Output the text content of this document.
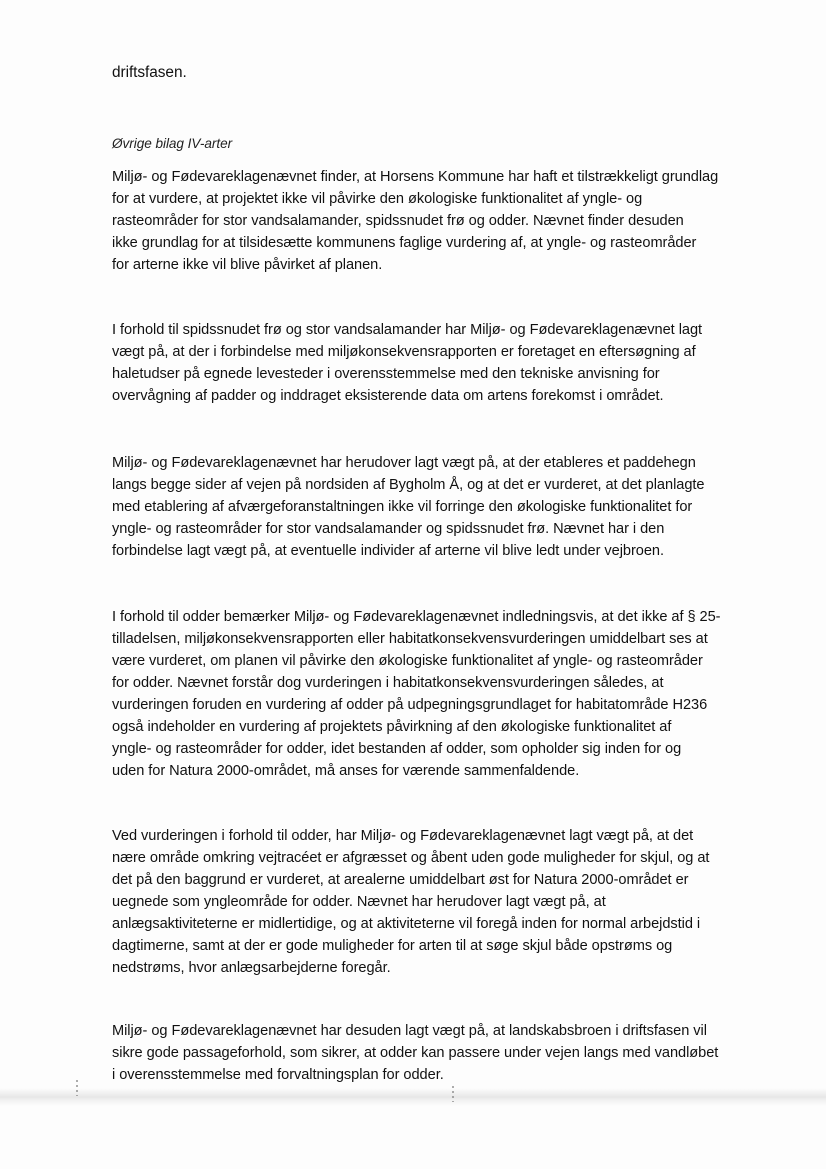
driftsfasen.
Øvrige bilag IV-arter
Miljø- og Fødevareklagenævnet finder, at Horsens Kommune har haft et tilstrækkeligt grundlag
for at vurdere, at projektet ikke vil påvirke den økologiske funktionalitet af yngle- og
rasteområder for stor vandsalamander, spidssnudet frø og odder. Nævnet finder desuden
ikke grundlag for at tilsidesætte kommunens faglige vurdering af, at yngle- og rasteområder
for arterne ikke vil blive påvirket af planen.
I forhold til spidssnudet frø og stor vandsalamander har Miljø- og Fødevareklagenævnet lagt
vægt på, at der i forbindelse med miljøkonsekvensrapporten er foretaget en eftersøgning af
haletudser på egnede levesteder i overensstemmelse med den tekniske anvisning for
overvågning af padder og inddraget eksisterende data om artens forekomst i området.
Miljø- og Fødevareklagenævnet har herudover lagt vægt på, at der etableres et paddehegn
langs begge sider af vejen på nordsiden af Bygholm Å, og at det er vurderet, at det planlagte
med etablering af afværgeforanstaltningen ikke vil forringe den økologiske funktionalitet for
yngle- og rasteområder for stor vandsalamander og spidssnudet frø. Nævnet har i den
forbindelse lagt vægt på, at eventuelle individer af arterne vil blive ledt under vejbroen.
I forhold til odder bemærker Miljø- og Fødevareklagenævnet indledningsvis, at det ikke af § 25-
tilladelsen, miljøkonsekvensrapporten eller habitatkonsekvensvurderingen umiddelbart ses at
være vurderet, om planen vil påvirke den økologiske funktionalitet af yngle- og rasteområder
for odder. Nævnet forstår dog vurderingen i habitatkonsekvensvurderingen således, at
vurderingen foruden en vurdering af odder på udpegningsgrundlaget for habitatområde H236
også indeholder en vurdering af projektets påvirkning af den økologiske funktionalitet af
yngle- og rasteområder for odder, idet bestanden af odder, som opholder sig inden for og
uden for Natura 2000-området, må anses for værende sammenfaldende.
Ved vurderingen i forhold til odder, har Miljø- og Fødevareklagenævnet lagt vægt på, at det
nære område omkring vejtracéet er afgræsset og åbent uden gode muligheder for skjul, og at
det på den baggrund er vurderet, at arealerne umiddelbart øst for Natura 2000-området er
uegnede som yngleområde for odder. Nævnet har herudover lagt vægt på, at
anlægsaktiviteterne er midlertidige, og at aktiviteterne vil foregå inden for normal arbejdstid i
dagtimerne, samt at der er gode muligheder for arten til at søge skjul både opstrøms og
nedstrøms, hvor anlægsarbejderne foregår.
Miljø- og Fødevareklagenævnet har desuden lagt vægt på, at landskabsbroen i driftsfasen vil
sikre gode passageforhold, som sikrer, at odder kan passere under vejen langs med vandløbet
i overensstemmelse med forvaltningsplan for odder.
